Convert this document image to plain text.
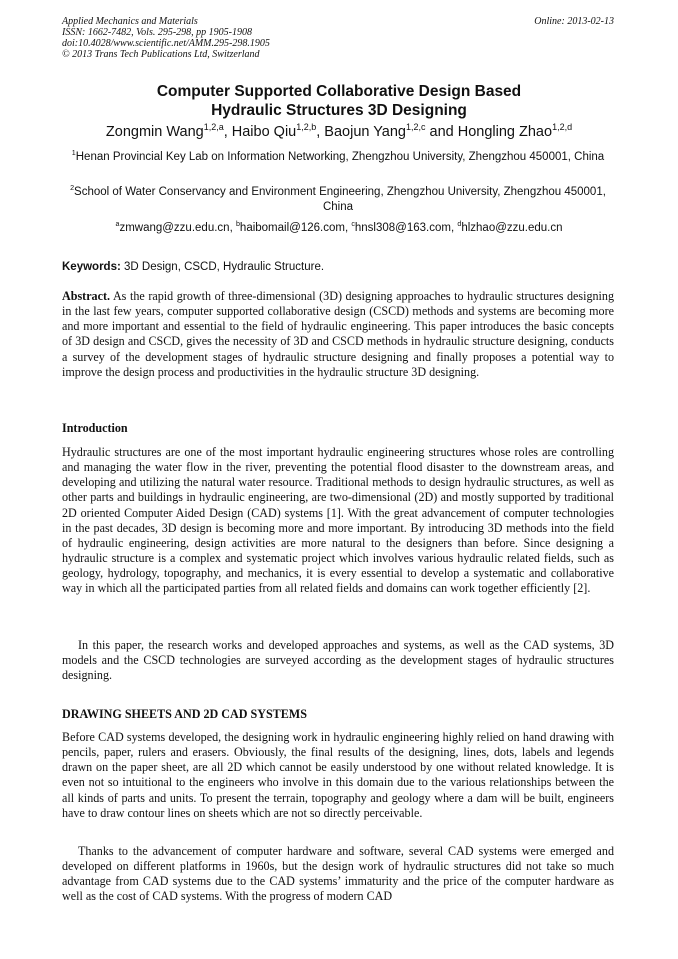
Applied Mechanics and Materials
ISSN: 1662-7482, Vols. 295-298, pp 1905-1908
doi:10.4028/www.scientific.net/AMM.295-298.1905
© 2013 Trans Tech Publications Ltd, Switzerland
Online: 2013-02-13
Computer Supported Collaborative Design Based
Hydraulic Structures 3D Designing
Zongmin Wang$^{1,2,a}$, Haibo Qiu$^{1,2,b}$, Baojun Yang$^{1,2,c}$ and Hongling Zhao$^{1,2,d}$
$^1$Henan Provincial Key Lab on Information Networking, Zhengzhou University, Zhengzhou 450001, China
$^2$School of Water Conservancy and Environment Engineering, Zhengzhou University, Zhengzhou 450001, China
$^a$zmwang@zzu.edu.cn, $^b$haibomail@126.com, $^c$hnsl308@163.com, $^d$hlzhao@zzu.edu.cn
Keywords: 3D Design, CSCD, Hydraulic Structure.
Abstract. As the rapid growth of three-dimensional (3D) designing approaches to hydraulic structures designing in the last few years, computer supported collaborative design (CSCD) methods and systems are becoming more and more important and essential to the field of hydraulic engineering. This paper introduces the basic concepts of 3D design and CSCD, gives the necessity of 3D and CSCD methods in hydraulic structure designing, conducts a survey of the development stages of hydraulic structure designing and finally proposes a potential way to improve the design process and productivities in the hydraulic structure 3D designing.
Introduction
Hydraulic structures are one of the most important hydraulic engineering structures whose roles are controlling and managing the water flow in the river, preventing the potential flood disaster to the downstream areas, and developing and utilizing the natural water resource. Traditional methods to design hydraulic structures, as well as other parts and buildings in hydraulic engineering, are two-dimensional (2D) and mostly supported by traditional 2D oriented Computer Aided Design (CAD) systems [1]. With the great advancement of computer technologies in the past decades, 3D design is becoming more and more important. By introducing 3D methods into the field of hydraulic engineering, design activities are more natural to the designers than before. Since designing a hydraulic structure is a complex and systematic project which involves various hydraulic related fields, such as geology, hydrology, topography, and mechanics, it is every essential to develop a systematic and collaborative way in which all the participated parties from all related fields and domains can work together efficiently [2].
In this paper, the research works and developed approaches and systems, as well as the CAD systems, 3D models and the CSCD technologies are surveyed according as the development stages of hydraulic structures designing.
DRAWING SHEETS AND 2D CAD SYSTEMS
Before CAD systems developed, the designing work in hydraulic engineering highly relied on hand drawing with pencils, paper, rulers and erasers. Obviously, the final results of the designing, lines, dots, labels and legends drawn on the paper sheet, are all 2D which cannot be easily understood by one without related knowledge. It is even not so intuitional to the engineers who involve in this domain due to the various relationships between the all kinds of parts and units. To present the terrain, topography and geology where a dam will be built, engineers have to draw contour lines on sheets which are not so directly perceivable.
Thanks to the advancement of computer hardware and software, several CAD systems were emerged and developed on different platforms in 1960s, but the design work of hydraulic structures did not take so much advantage from CAD systems due to the CAD systems’ immaturity and the price of the computer hardware as well as the cost of CAD systems. With the progress of modern CAD
